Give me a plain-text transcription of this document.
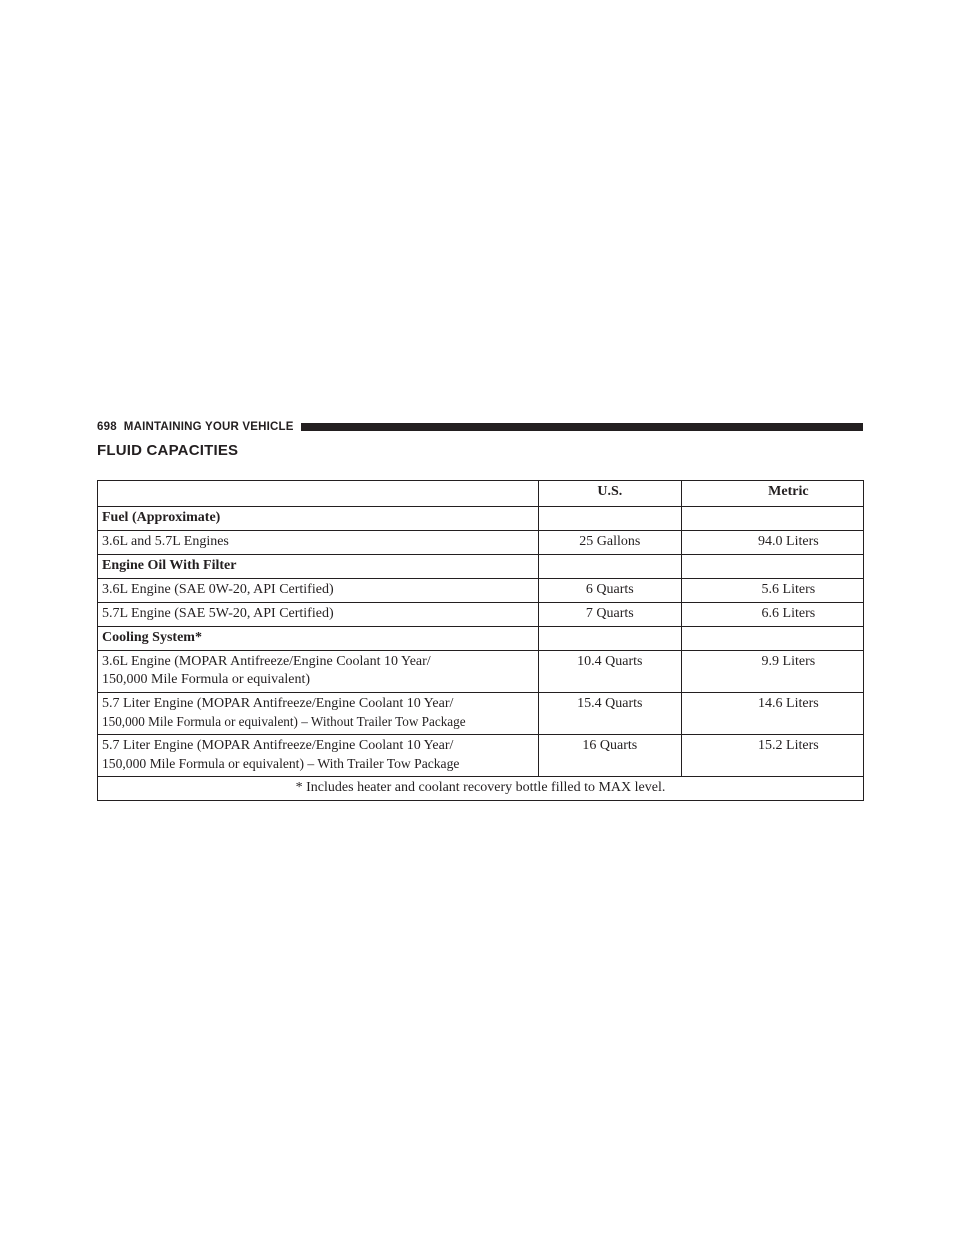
698 MAINTAINING YOUR VEHICLE
FLUID CAPACITIES
	U.S.	Metric
Fuel (Approximate)		
3.6L and 5.7L Engines	25 Gallons	94.0 Liters
Engine Oil With Filter		
3.6L Engine (SAE 0W-20, API Certified)	6 Quarts	5.6 Liters
5.7L Engine (SAE 5W-20, API Certified)	7 Quarts	6.6 Liters
Cooling System*		

3.6L Engine (MOPAR Antifreeze/Engine Coolant 10 Year/
150,000 Mile Formula or equivalent)	10.4 Quarts	9.9 Liters

5.7 Liter Engine (MOPAR Antifreeze/Engine Coolant 10 Year/
150,000 Mile Formula or equivalent) – Without Trailer Tow Package	15.4 Quarts	14.6 Liters

5.7 Liter Engine (MOPAR Antifreeze/Engine Coolant 10 Year/
150,000 Mile Formula or equivalent) – With Trailer Tow Package	16 Quarts	15.2 Liters
* Includes heater and coolant recovery bottle filled to MAX level.		
